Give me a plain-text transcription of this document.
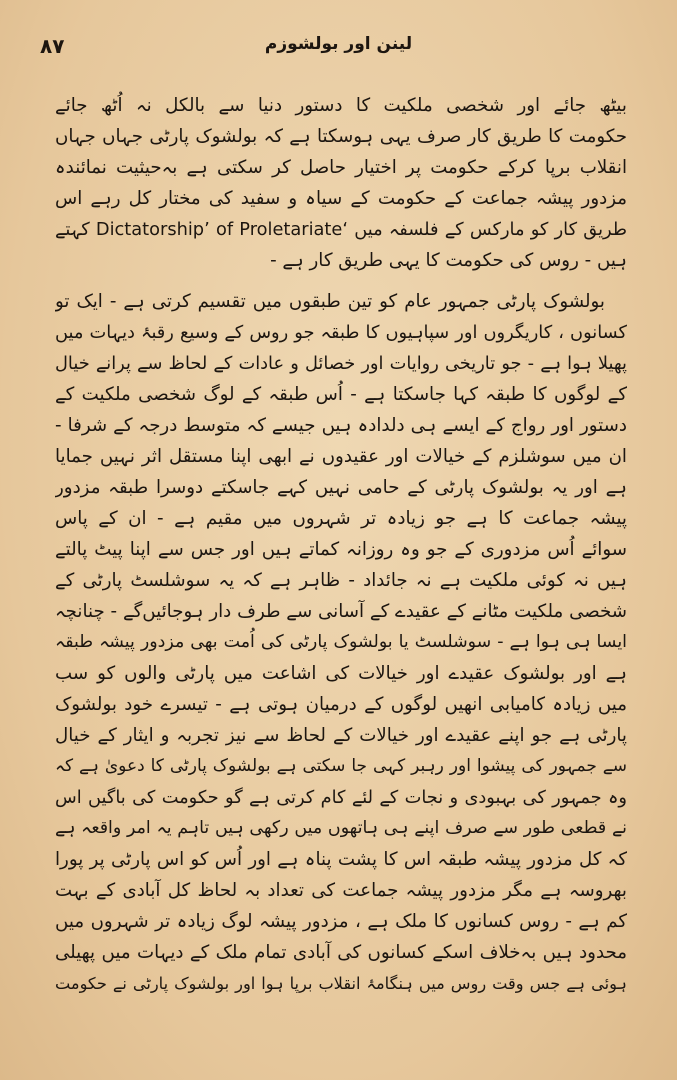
۸۷	لینن اور بولشوزم
بیٹھ جائے اور شخصی ملکیت کا دستور دنیا سے بالکل نہ اُٹھ جائے
حکومت کا طریق کار صرف یہی ہوسکتا ہے کہ بولشوک پارٹی جہاں جہاں
انقلاب برپا کرکے حکومت پر اختیار حاصل کر سکتی ہے بہ‌حیثیت نمائندہ
مزدور پیشہ جماعت کے حکومت کے سیاہ و سفید کی مختار کل رہے اس
طریق کار کو مارکس کے فلسفہ میں ‘Dictatorship’ of Proletariate کہتے
ہیں - روس کی حکومت کا یہی طریق کار ہے -
بولشوک پارٹی جمہور عام کو تین طبقوں میں تقسیم کرتی ہے - ایک تو
کسانوں ، کاریگروں اور سپاہیوں کا طبقہ جو روس کے وسیع رقبۂ دیہات میں
پھیلا ہوا ہے - جو تاریخی روایات اور خصائل و عادات کے لحاظ سے پرانے خیال
کے لوگوں کا طبقہ کہا جاسکتا ہے - اُس طبقہ کے لوگ شخصی ملکیت کے
دستور اور رواج کے ایسے ہی دلدادہ ہیں جیسے کہ متوسط درجہ کے شرفا -
ان میں سوشلزم کے خیالات اور عقیدوں نے ابھی اپنا مستقل اثر نہیں جمایا
ہے اور یہ بولشوک پارٹی کے حامی نہیں کہے جاسکتے دوسرا طبقہ مزدور
پیشہ جماعت کا ہے جو زیادہ تر شہروں میں مقیم ہے - ان کے پاس
سوائے اُس مزدوری کے جو وہ روزانہ کماتے ہیں اور جس سے اپنا پیٹ پالتے
ہیں نہ کوئی ملکیت ہے نہ جائداد - ظاہر ہے کہ یہ سوشلسٹ پارٹی کے
شخصی ملکیت مٹانے کے عقیدے کے آسانی سے طرف دار ہوجائیں‌گے - چنانچہ
ایسا ہی ہوا ہے - سوشلسٹ یا بولشوک پارٹی کی اُمت بھی مزدور پیشہ طبقہ
ہے اور بولشوک عقیدے اور خیالات کی اشاعت میں پارٹی والوں کو سب
میں زیادہ کامیابی انھیں لوگوں کے درمیان ہوتی ہے - تیسرے خود بولشوک
پارٹی ہے جو اپنے عقیدے اور خیالات کے لحاظ سے نیز تجربہ و ایثار کے خیال
سے جمہور کی پیشوا اور رہبر کہی جا سکتی ہے بولشوک پارٹی کا دعویٰ ہے کہ
وہ جمہور کی بہبودی و نجات کے لئے کام کرتی ہے گو حکومت کی باگیں اس
نے قطعی طور سے صرف اپنے ہی ہاتھوں میں رکھی ہیں تاہم یہ امر واقعہ ہے
کہ کل مزدور پیشہ طبقہ اس کا پشت پناہ ہے اور اُس کو اس پارٹی پر پورا
بھروسہ ہے مگر مزدور پیشہ جماعت کی تعداد بہ لحاظ کل آبادی کے بہت
کم ہے - روس کسانوں کا ملک ہے ، مزدور پیشہ لوگ زیادہ تر شہروں میں
محدود ہیں بہ‌خلاف اسکے کسانوں کی آبادی تمام ملک کے دیہات میں پھیلی
ہوئی ہے جس وقت روس میں ہنگامۂ انقلاب برپا ہوا اور بولشوک پارٹی نے حکومت
